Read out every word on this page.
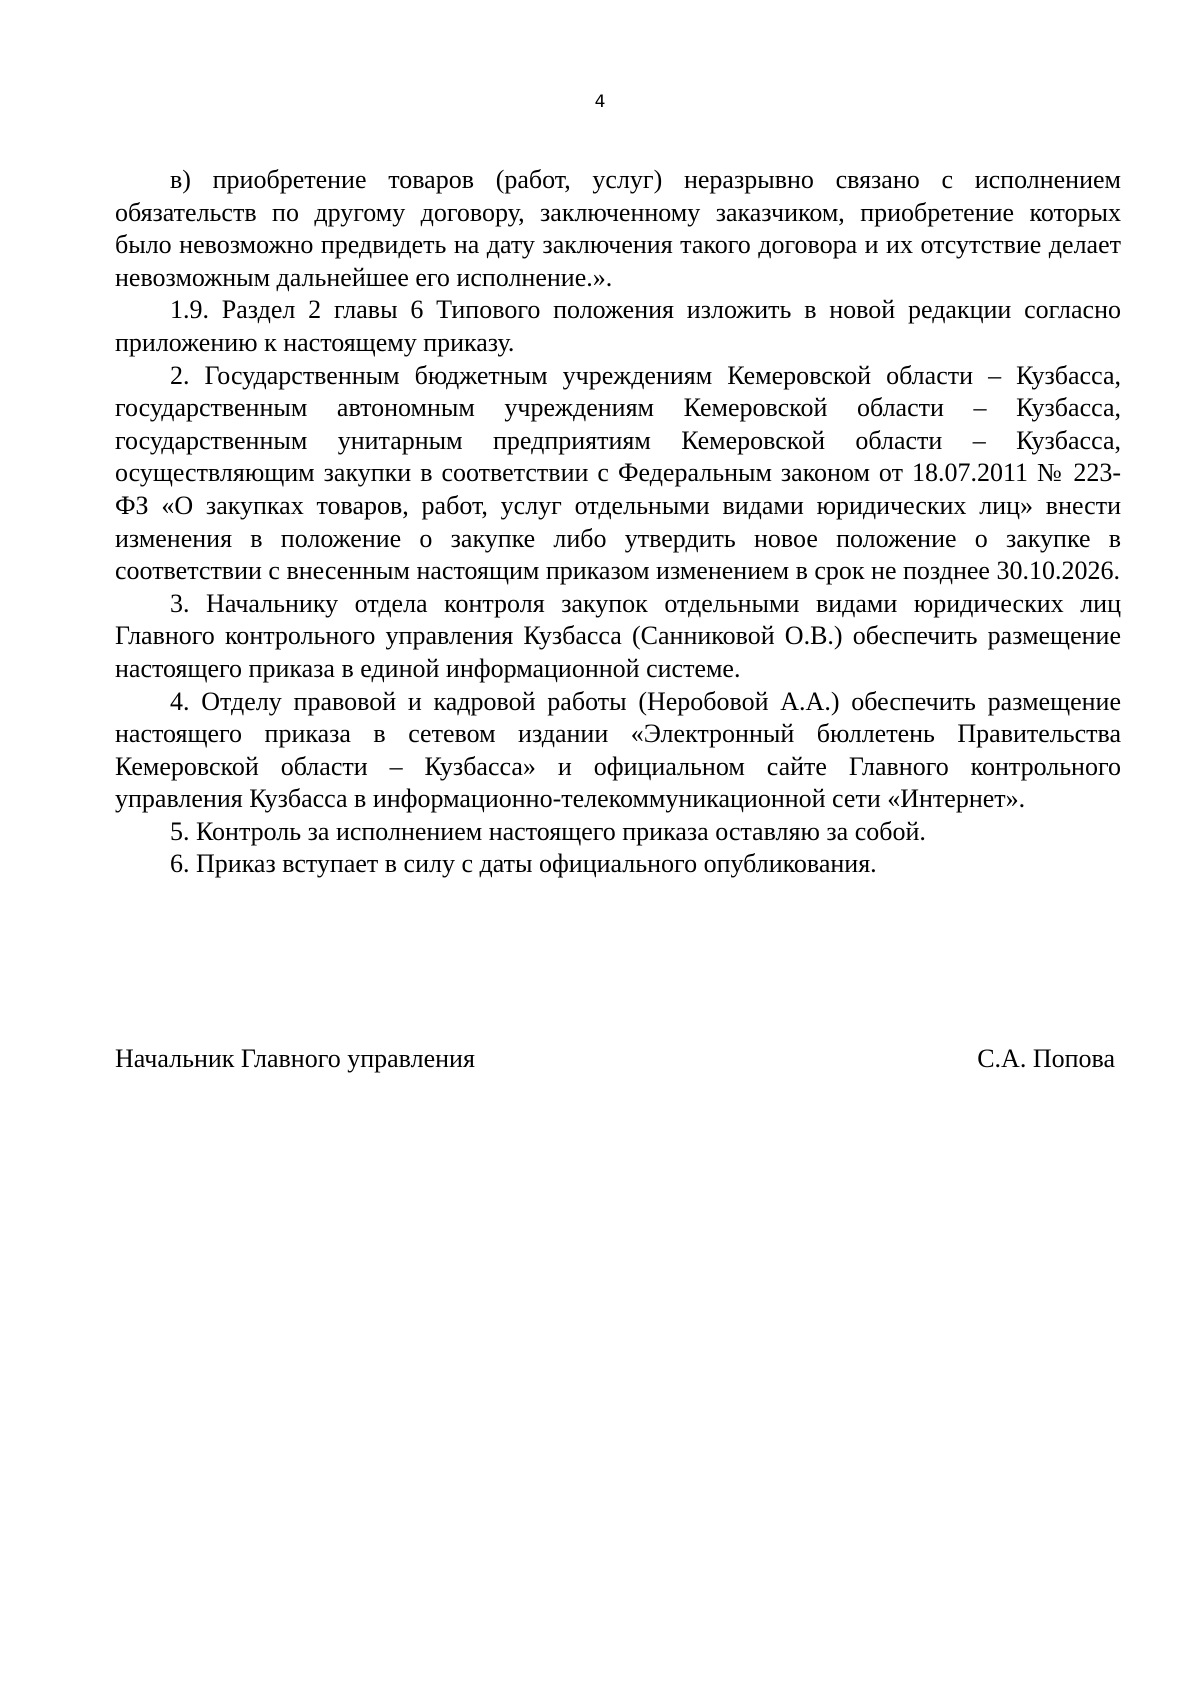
4

в) приобретение товаров (работ, услуг) неразрывно связано с исполнением обязательств по другому договору, заключенному заказчиком, приобретение которых было невозможно предвидеть на дату заключения такого договора и их отсутствие делает невозможным дальнейшее его исполнение.».

1.9. Раздел 2 главы 6 Типового положения изложить в новой редакции согласно приложению к настоящему приказу.

2. Государственным бюджетным учреждениям Кемеровской области – Кузбасса, государственным автономным учреждениям Кемеровской области – Кузбасса, государственным унитарным предприятиям Кемеровской области – Кузбасса, осуществляющим закупки в соответствии с Федеральным законом от 18.07.2011 № 223-ФЗ «О закупках товаров, работ, услуг отдельными видами юридических лиц» внести изменения в положение о закупке либо утвердить новое положение о закупке в соответствии с внесенным настоящим приказом изменением в срок не позднее 30.10.2026.

3. Начальнику отдела контроля закупок отдельными видами юридических лиц Главного контрольного управления Кузбасса (Санниковой О.В.) обеспечить размещение настоящего приказа в единой информационной системе.

4. Отделу правовой и кадровой работы (Неробовой А.А.) обеспечить размещение настоящего приказа в сетевом издании «Электронный бюллетень Правительства Кемеровской области – Кузбасса» и официальном сайте Главного контрольного управления Кузбасса в информационно-телекоммуникационной сети «Интернет».

5. Контроль за исполнением настоящего приказа оставляю за собой.

6. Приказ вступает в силу с даты официального опубликования.

Начальник Главного управления	С.А. Попова
